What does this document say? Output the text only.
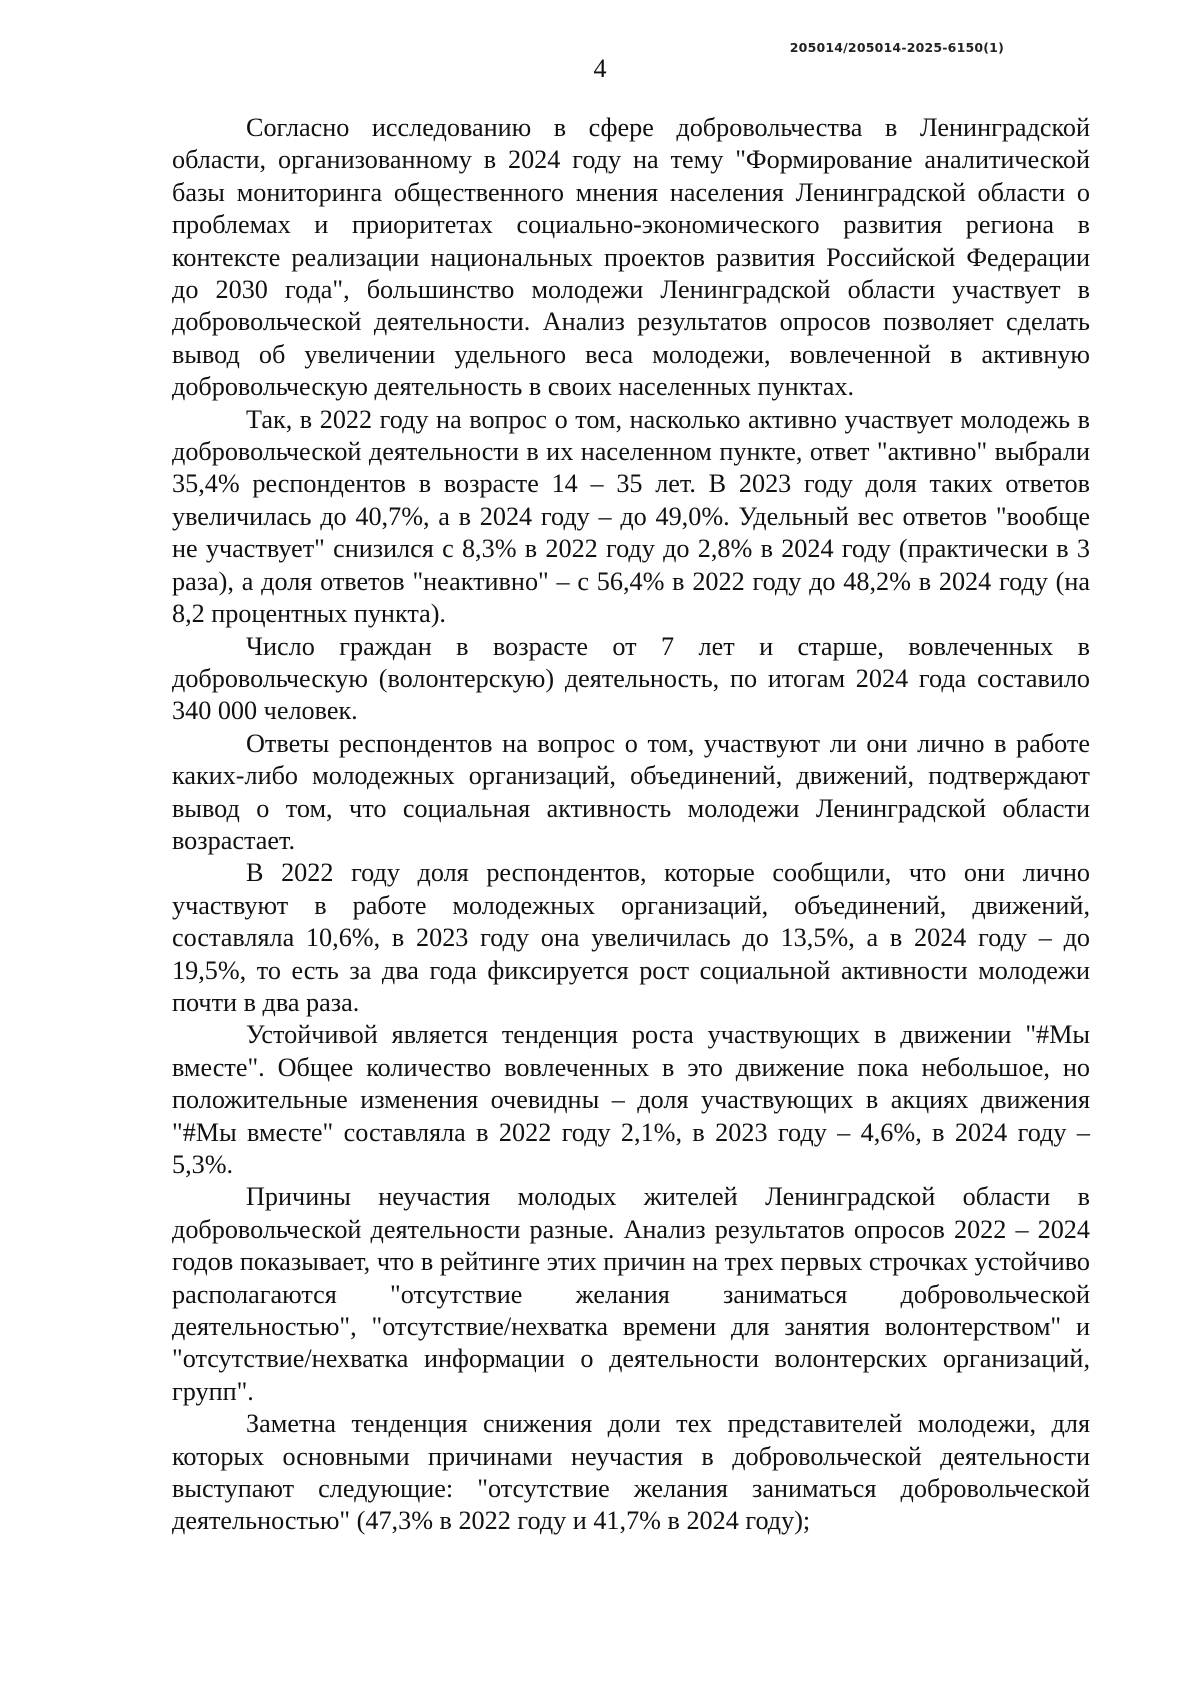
205014/205014-2025-6150(1)
4

Согласно исследованию в сфере добровольчества в Ленинградской области, организованному в 2024 году на тему "Формирование аналитической базы мониторинга общественного мнения населения Ленинградской области о проблемах и приоритетах социально-экономического развития региона в контексте реализации национальных проектов развития Российской Федерации до 2030 года", большинство молодежи Ленинградской области участвует в добровольческой деятельности. Анализ результатов опросов позволяет сделать вывод об увеличении удельного веса молодежи, вовлеченной в активную добровольческую деятельность в своих населенных пунктах.

Так, в 2022 году на вопрос о том, насколько активно участвует молодежь в добровольческой деятельности в их населенном пункте, ответ "активно" выбрали 35,4% респондентов в возрасте 14 – 35 лет. В 2023 году доля таких ответов увеличилась до 40,7%, а в 2024 году – до 49,0%. Удельный вес ответов "вообще не участвует" снизился с 8,3% в 2022 году до 2,8% в 2024 году (практически в 3 раза), а доля ответов "неактивно" – с 56,4% в 2022 году до 48,2% в 2024 году (на 8,2 процентных пункта).

Число граждан в возрасте от 7 лет и старше, вовлеченных в добровольческую (волонтерскую) деятельность, по итогам 2024 года составило 340 000 человек.

Ответы респондентов на вопрос о том, участвуют ли они лично в работе каких-либо молодежных организаций, объединений, движений, подтверждают вывод о том, что социальная активность молодежи Ленинградской области возрастает.

В 2022 году доля респондентов, которые сообщили, что они лично участвуют в работе молодежных организаций, объединений, движений, составляла 10,6%, в 2023 году она увеличилась до 13,5%, а в 2024 году – до 19,5%, то есть за два года фиксируется рост социальной активности молодежи почти в два раза.

Устойчивой является тенденция роста участвующих в движении "#Мы вместе". Общее количество вовлеченных в это движение пока небольшое, но положительные изменения очевидны – доля участвующих в акциях движения "#Мы вместе" составляла в 2022 году 2,1%, в 2023 году – 4,6%, в 2024 году – 5,3%.

Причины неучастия молодых жителей Ленинградской области в добровольческой деятельности разные. Анализ результатов опросов 2022 – 2024 годов показывает, что в рейтинге этих причин на трех первых строчках устойчиво располагаются "отсутствие желания заниматься добровольческой деятельностью", "отсутствие/нехватка времени для занятия волонтерством" и "отсутствие/нехватка информации о деятельности волонтерских организаций, групп".

Заметна тенденция снижения доли тех представителей молодежи, для которых основными причинами неучастия в добровольческой деятельности выступают следующие: "отсутствие желания заниматься добровольческой деятельностью" (47,3% в 2022 году и 41,7% в 2024 году);
